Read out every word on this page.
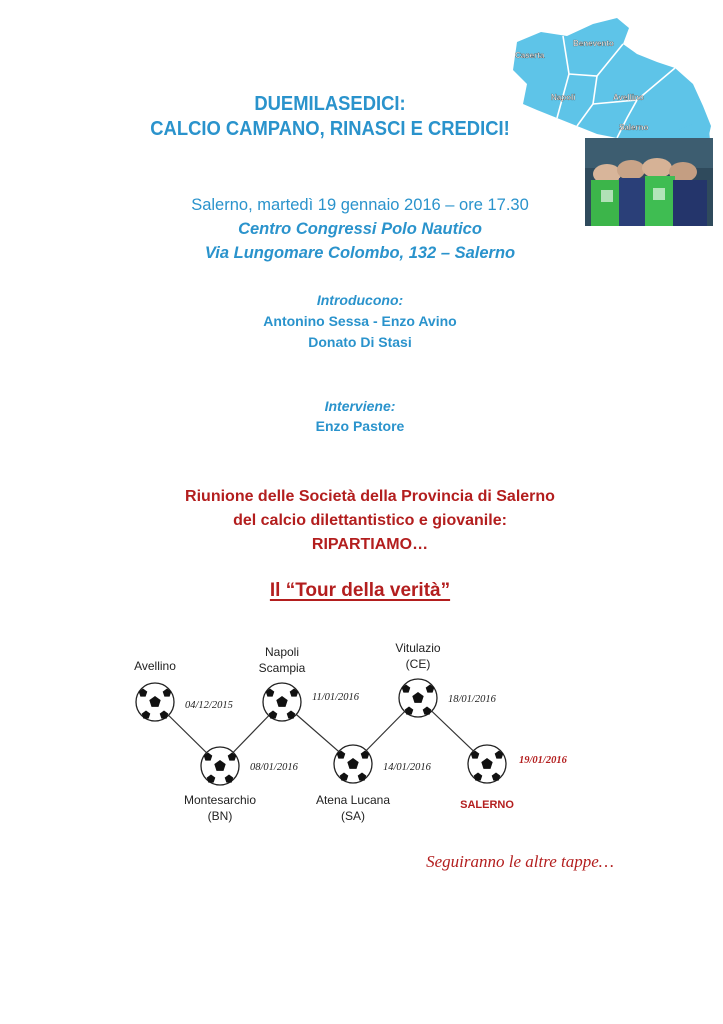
Caserta
Benevento
Napoli	Avellino
Salerno
DUEMILASEDICI:
CALCIO CAMPANO, RINASCI E CREDICI!
Salerno, martedì 19 gennaio 2016 – ore 17.30
Centro Congressi Polo Nautico
Via Lungomare Colombo, 132 – Salerno
Introducono:
Antonino Sessa - Enzo Avino
Donato Di Stasi
Interviene:
Enzo Pastore
Riunione delle Società della Provincia di Salerno
del calcio dilettantistico e giovanile:
RIPARTIAMO…
Il “Tour della verità”
Avellino
04/12/2015
Montesarchio
(BN)
08/01/2016
Napoli
Scampia
11/01/2016
Atena Lucana
(SA)
14/01/2016
Vitulazio
(CE)
18/01/2016
SALERNO
19/01/2016
Seguiranno le altre tappe…
